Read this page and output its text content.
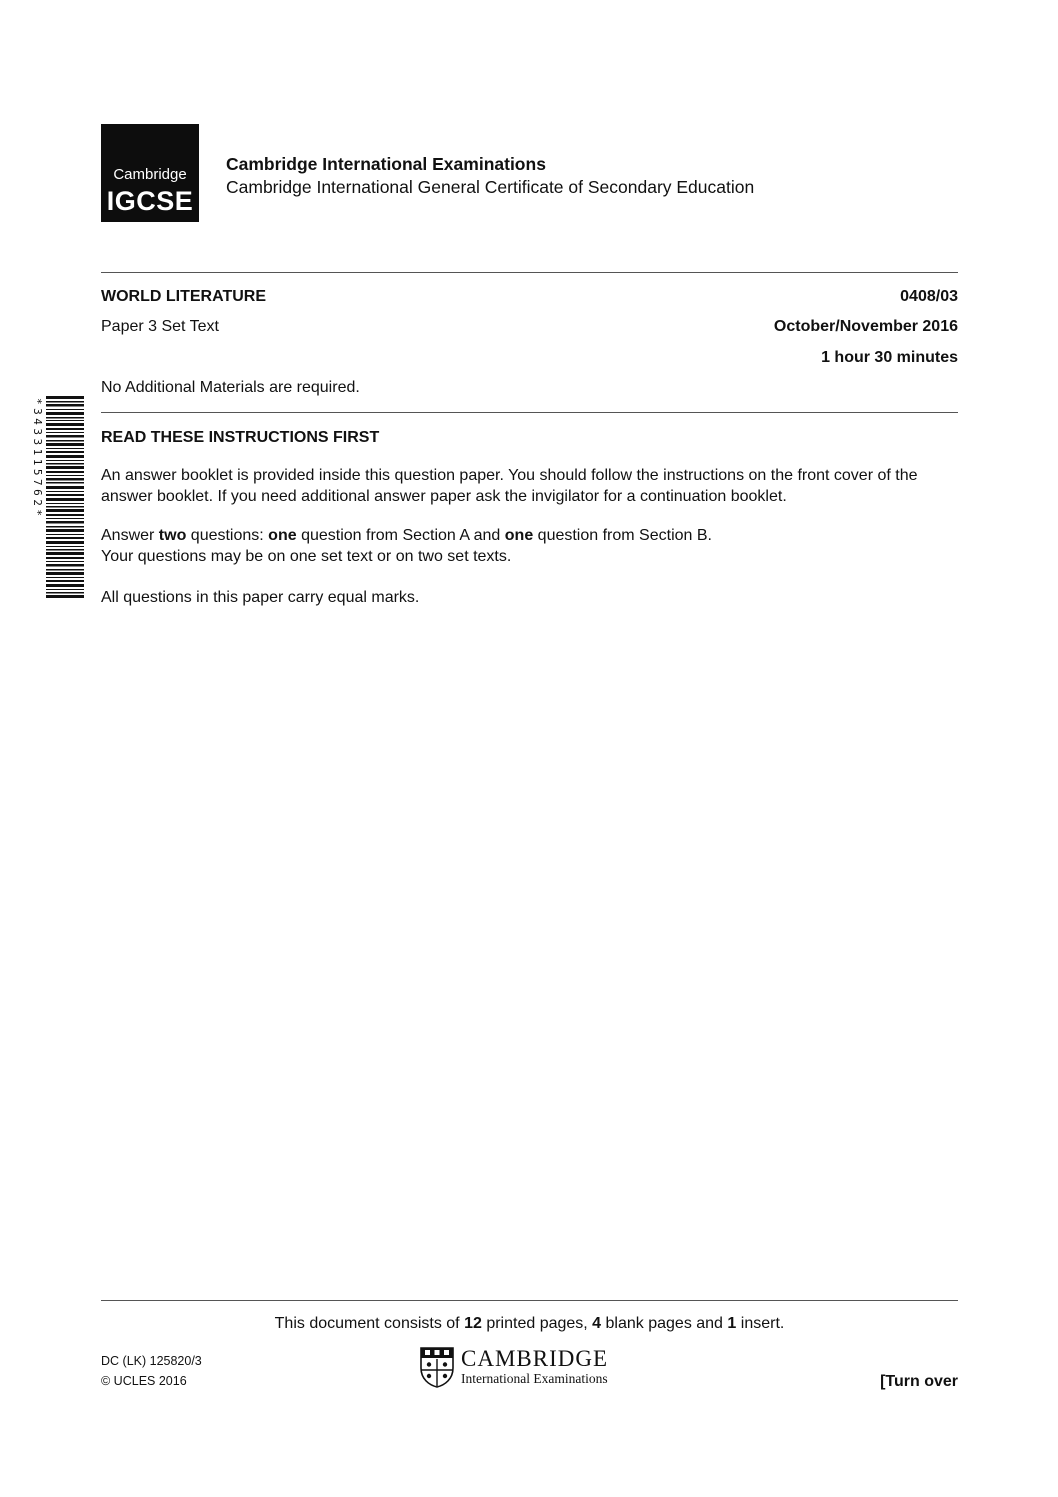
Cambridge
IGCSE
Cambridge International Examinations
Cambridge International General Certificate of Secondary Education
WORLD LITERATURE	0408/03
Paper 3 Set Text	October/November 2016
1 hour 30 minutes
No Additional Materials are required.
*3433115762*	READ THESE INSTRUCTIONS FIRST
An answer booklet is provided inside this question paper. You should follow the instructions on the front cover of the answer booklet. If you need additional answer paper ask the invigilator for a continuation booklet.
Answer two questions: one question from Section A and one question from Section B.
Your questions may be on one set text or on two set texts.
All questions in this paper carry equal marks.
This document consists of 12 printed pages, 4 blank pages and 1 insert.
DC (LK) 125820/3
© UCLES 2016
CAMBRIDGE
International Examinations	[Turn over
